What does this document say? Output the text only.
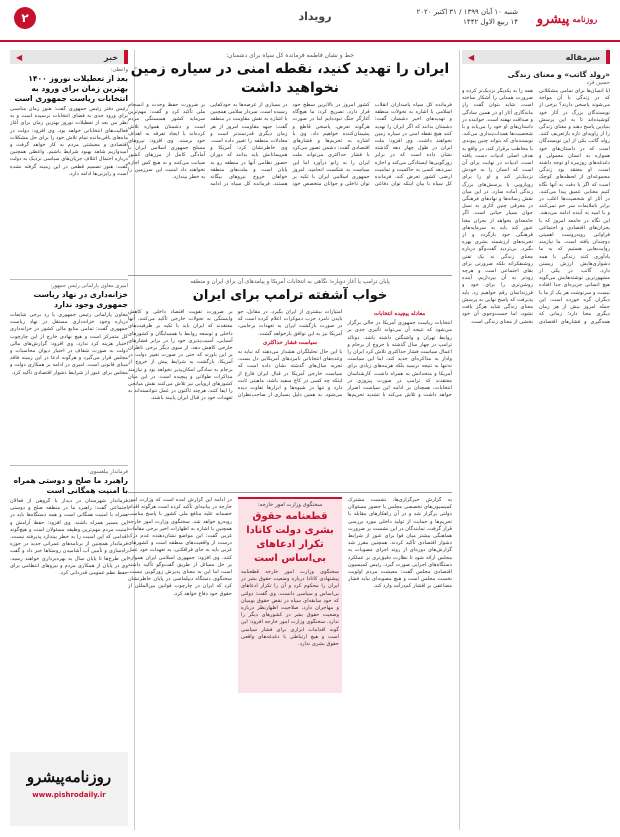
روزنامه
پیشرو
شنبه ۱۰ آبان ۱۳۹۹ / ۳۱ اکتبر ۲۰۲۰
۱۴ ربیع الاول ۱۴۴۲
رویداد
۲
سرمقاله
◀
«رولد گاتب» و معنای زندگی
حسین فرد

آیا انسان‌ها برای تمامی مشکلاتی که در زندگی با آن مواجه می‌شوند پاسخی دارند؟ برخی از نویسندگان بزرگ در آثار خود کوشیده‌اند تا به این پرسش بنیادین پاسخ دهند و معنای زندگی را از زاویه‌ای تازه بازتعریف کنند. رولد گاتب یکی از این نویسندگان است که در داستان‌های خود همواره به انسان معمولی و دغدغه‌های روزمره او توجه داشته است. او معتقد بود زندگی مجموعه‌ای از لحظه‌های کوچک است که اگر با دقت به آنها نگاه کنیم معنایی عمیق پیدا می‌کنند. در آثار او شخصیت‌ها اغلب در برابر ناملایمات سر خم نمی‌کنند و با امید به آینده ادامه می‌دهند. این نگاه در جامعه امروز که با بحران‌های اقتصادی و اجتماعی فراوانی روبه‌روست اهمیتی دوچندان یافته است. ما نیازمند روایت‌هایی هستیم که به ما یادآوری کنند زندگی با همه دشواری‌هایش ارزش زیستن دارد. گاتب در یکی از مشهورترین نوشته‌هایش می‌گوید هیچ انسانی جزیره‌ای جدا افتاده نیست و سرنوشت هر یک از ما با دیگران گره خورده است. این جمله امروز بیش از هر زمان دیگری معنا دارد؛ زمانی که همه‌گیری و فشارهای اقتصادی همه را به یکدیگر نزدیک‌تر کرده و ضرورت همدلی را آشکار ساخته است. شاید بتوان گفت راز ماندگاری آثار او در همین سادگی و صداقت نهفته است. خواننده در داستان‌های او خود را می‌یابد و با شخصیت‌ها همذات‌پنداری می‌کند. نویسنده‌ای که بتواند چنین پیوندی با مخاطب برقرار کند، در واقع به هدف اصلی ادبیات دست یافته است. ادبیات در نهایت برای آن است که انسان را به خودش نزدیک‌تر کند و او را برای رویارویی با پرسش‌های بزرگ زندگی آماده سازد. در این میان نقش رسانه‌ها و نهادهای فرهنگی در معرفی چنین آثاری به نسل جوان بسیار حیاتی است. اگر جامعه‌ای بخواهد از بحران معنا عبور کند باید به سرمایه‌های فرهنگی خود بازگردد و از تجربه‌های ارزشمند بشری بهره بگیرد. بی‌تردید گفت‌وگو درباره معنای زندگی نه یک تفنن روشنفکرانه بلکه ضرورتی برای بقای اجتماعی است و هرچه زودتر به آن بپردازیم، آینده روشن‌تری را برای خود و فرزندانمان رقم خواهیم زد. باید پذیرفت که پاسخ نهایی به پرسش معنای زندگی شاید هرگز یافت نشود، اما جست‌وجوی آن خود بخشی از معنای زندگی است.

خط و نشان فاطمه فرمانده کل سپاه برای دشمنان:
ایران را تهدید کنید، نقطه امنی در سیاره زمین نخواهید داشت

فرمانده کل سپاه پاسداران انقلاب اسلامی با اشاره به تحولات منطقه و تهدیدهای اخیر دشمنان گفت: دشمنان بدانند که اگر ایران را تهدید کنند هیچ نقطه امنی در سیاره زمین نخواهند داشت. وی افزود: ملت ایران در طول چهار دهه گذشته نشان داده است که در برابر زورگویی‌ها ایستادگی می‌کند و اجازه نمی‌دهد کسی به حاکمیت و تمامیت ارضی کشور تعرض کند. فرمانده کل سپاه با بیان اینکه توان دفاعی کشور امروز در بالاترین سطح خود قرار دارد، تصریح کرد: ما هیچ‌گاه آغازگر جنگ نبوده‌ایم اما در صورت هرگونه تعرض، پاسخی قاطع و پشیمان‌کننده خواهیم داد. وی با اشاره به تحریم‌ها و فشارهای اقتصادی گفت: دشمن تصور می‌کرد با فشار حداکثری می‌تواند ملت ایران را به زانو درآورد اما این سیاست به شکست انجامید. امروز جمهوری اسلامی ایران با تکیه بر توان داخلی و جوانان متخصص خود در بسیاری از عرصه‌ها به خودکفایی رسیده است. سردار سلامی همچنین با اشاره به نقش مقاومت در منطقه گفت: جبهه مقاومت امروز از هر زمان دیگری قدرتمندتر است و معادلات منطقه را تغییر داده است. وی خاطرنشان کرد: آمریکا و هم‌پیمانانش باید بدانند که دوران حضور نظامی آنها در منطقه رو به پایان است و ملت‌های منطقه خواهان خروج نیروهای بیگانه هستند. فرمانده کل سپاه در ادامه بر ضرورت حفظ وحدت و انسجام ملی تأکید کرد و گفت: مهم‌ترین سرمایه کشور همبستگی مردم است و دشمنان همواره تلاش کرده‌اند با ایجاد تفرقه به اهداف خود برسند. وی افزود: نیروهای مسلح جمهوری اسلامی ایران با آمادگی کامل از مرزهای کشور صیانت می‌کنند و به هیچ کس اجازه نخواهند داد امنیت این سرزمین را به خطر بیندازد.

پایان ترامپ یا آغاز دوباره؛ نگاهی به انتخابات آمریکا و پیامدهای آن برای ایران و منطقه
خواب آشفته ترامپ برای ایران
معادله پیچیده انتخابات

انتخابات ریاست جمهوری آمریکا در حالی برگزار می‌شود که نتیجه آن می‌تواند تأثیری جدی بر روابط تهران و واشنگتن داشته باشد. دونالد ترامپ در چهار سال گذشته با خروج از برجام و اعمال سیاست فشار حداکثری تلاش کرد ایران را وادار به مذاکره‌ای جدید کند، اما این سیاست نه‌تنها به نتیجه نرسید بلکه هزینه‌های زیادی برای آمریکا و متحدانش به همراه داشت. کارشناسان معتقدند که ترامپ در صورت پیروزی در انتخابات، همچنان بر ادامه این سیاست اصرار خواهد داشت و تلاش می‌کند با تشدید تحریم‌ها امتیازات بیشتری از ایران بگیرد. در مقابل، جو بایدن نامزد حزب دموکرات اعلام کرده است که در صورت بازگشت ایران به تعهدات برجامی، آمریکا نیز به این توافق بازخواهد گشت.

سیاست فشار حداکثری

با این حال تحلیلگران هشدار می‌دهند که نباید به وعده‌های انتخاباتی نامزدهای آمریکایی دل بست. تجربه سال‌های گذشته نشان داده است که سیاست خارجی آمریکا در قبال ایران فارغ از اینکه چه کسی در کاخ سفید باشد، ماهیتی ثابت دارد و تنها در شیوه‌ها و ابزارها تفاوت دیده می‌شود. به همین دلیل بسیاری از صاحب‌نظران بر ضرورت تقویت اقتصاد داخلی و کاهش وابستگی به تحولات خارجی تأکید می‌کنند. آنها معتقدند که ایران باید با تکیه بر ظرفیت‌های داخلی و توسعه روابط با همسایگان و کشورهای آسیایی، آسیب‌پذیری خود را در برابر فشارهای خارجی کاهش دهد. از سوی دیگر برخی ناظران بر این باورند که حتی در صورت تغییر دولت در آمریکا، بازگشت به شرایط پیش از خروج از برجام به سادگی امکان‌پذیر نخواهد بود و نیازمند مذاکرات طولانی و پیچیده است. در این میان کشورهای اروپایی نیز تلاش می‌کنند نقش میانجی را ایفا کنند، هرچند تاکنون در عمل نتوانسته‌اند به تعهدات خود در قبال ایران پایبند باشند.

به گزارش خبرگزاری‌ها، نشست مشترک کمیسیون‌های تخصصی مجلس با حضور مسئولان دولتی برگزار شد و در آن راهکارهای مقابله با تحریم‌ها و حمایت از تولید داخلی مورد بررسی قرار گرفت. نمایندگان در این نشست بر ضرورت هماهنگی بیشتر میان قوا برای عبور از شرایط دشوار اقتصادی تأکید کردند. همچنین مقرر شد گزارش‌های دوره‌ای از روند اجرای مصوبات به مجلس ارائه شود تا نظارت دقیق‌تری بر عملکرد دستگاه‌های اجرایی صورت گیرد. رئیس کمیسیون اقتصادی مجلس گفت: معیشت مردم اولویت نخست مجلس است و هیچ مصوبه‌ای نباید فشار مضاعفی بر اقشار کم‌درآمد وارد کند.

سخنگوی وزارت امور خارجه:
قطعنامه حقوق بشری دولت کانادا تکرار ادعاهای بی‌اساس است

سخنگوی وزارت امور خارجه قطعنامه پیشنهادی کانادا درباره وضعیت حقوق بشر در ایران را محکوم کرد و آن را تکرار ادعاهای بی‌اساس و سیاسی دانست. وی گفت: دولتی که خود سابقه‌ای سیاه در نقض حقوق بومیان و مهاجران دارد، صلاحیت اظهارنظر درباره وضعیت حقوق بشر در کشورهای دیگر را ندارد. سخنگوی وزارت امور خارجه افزود: این گونه اقدامات ابزاری برای فشار سیاسی است و هیچ ارتباطی با دغدغه‌های واقعی حقوق بشری ندارد.

در ادامه این گزارش آمده است که وزارت امور خارجه در بیانیه‌ای تأکید کرده است هرگونه اقدام خصمانه علیه منافع ملی کشور با پاسخ مناسب روبه‌رو خواهد شد. سخنگوی وزارت امور خارجه همچنین با اشاره به اظهارات اخیر برخی مقامات غربی گفت: این مواضع نشان‌دهنده عدم درک درست از واقعیت‌های منطقه است و کشورهای غربی باید به جای فرافکنی، به تعهدات خود عمل کنند. وی افزود: جمهوری اسلامی ایران همواره بر حل مسائل از طریق گفت‌وگو تأکید داشته است اما این به معنای پذیرش زورگویی نیست. سخنگوی دستگاه دیپلماسی در پایان خاطرنشان کرد که ایران در چارچوب قوانین بین‌المللی از حقوق خود دفاع خواهد کرد.

خبر
◀
واعظی:
بعد از تعطیلات نوروز ۱۴۰۰ بهترین زمان برای ورود به انتخابات ریاست جمهوری است

رئیس دفتر رئیس جمهوری گفت: هنوز زمان مناسبی برای ورود جدی به فضای انتخابات نرسیده است و به نظر من بعد از تعطیلات نوروز بهترین زمان برای آغاز فعالیت‌های انتخاباتی خواهد بود. وی افزود: دولت در ماه‌های باقی‌مانده تمام تلاش خود را برای حل مشکلات اقتصادی و معیشتی مردم به کار خواهد گرفت و امیدواریم شاهد بهبود شرایط باشیم. واعظی همچنین درباره احتمال ائتلاف جریان‌های سیاسی نزدیک به دولت گفت: هنوز تصمیم قطعی در این زمینه گرفته نشده است و رایزنی‌ها ادامه دارد.

امیری معاون پارلمانی رئیس جمهور:
خزانه‌داری در نهاد ریاست جمهوری وجود ندارد

معاون پارلمانی رئیس جمهوری با رد برخی شایعات درباره وجود خزانه‌داری مستقل در نهاد ریاست جمهوری گفت: تمامی منابع مالی کشور در خزانه‌داری کل متمرکز است و هیچ نهادی خارج از این چارچوب اختیار هزینه کرد ندارد. وی افزود: گزارش‌های مالی دولت به صورت شفاف در اختیار دیوان محاسبات و مجلس قرار می‌گیرد و هرگونه ادعا در این زمینه فاقد مبنای قانونی است. امیری در ادامه بر همکاری دولت و مجلس برای عبور از شرایط دشوار اقتصادی تأکید کرد.

فرماندار بیلقسوی:
راهبرد ما صلح و دوستی همراه با امنیت همگانی است

فرماندار شهرستان در دیدار با گروهی از فعالان اجتماعی گفت: راهبرد ما در منطقه صلح و دوستی همراه با امنیت همگانی است و همه دستگاه‌ها باید در این مسیر همراه باشند. وی افزود: حفظ آرامش و امنیت مردم مهم‌ترین وظیفه مسئولان است و هیچ‌گونه اقدامی که این امنیت را به خطر بیندازد پذیرفته نیست. فرماندار همچنین از برنامه‌های عمرانی جدید در حوزه راه‌سازی و تأمین آب آشامیدن روستاها خبر داد و گفت این طرح‌ها تا پایان سال به بهره‌برداری خواهند رسید. وی در پایان از همکاری مردم و نیروهای انتظامی برای حفظ نظم عمومی قدردانی کرد.

روزنامه‌پیشرو
www.pishrodaily.ir
